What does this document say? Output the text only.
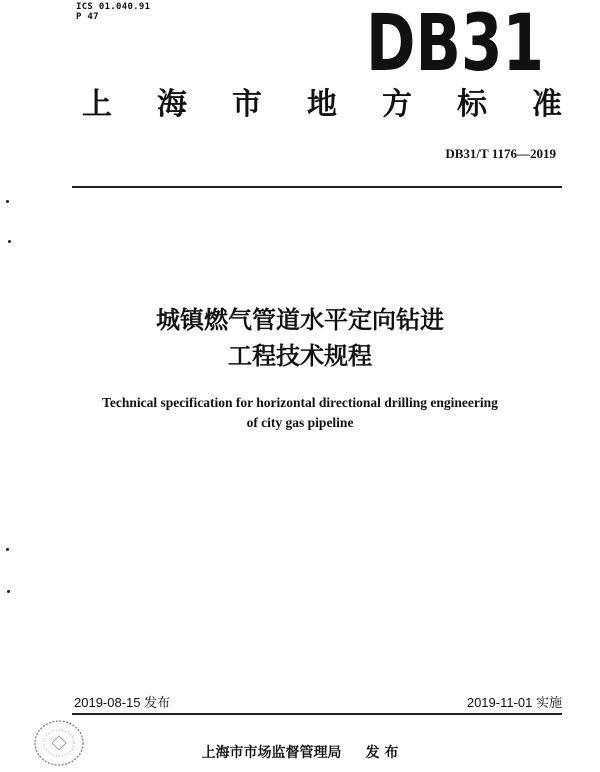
ICS 01.040.91
P 47	DB31
上 海 市 地 方 标 准
DB31/T 1176—2019
城镇燃气管道水平定向钻进
工程技术规程
Technical specification for horizontal directional drilling engineering
of city gas pipeline
2019-08-15 发布	2019-11-01 实施
上海市市场监督管理局 发 布
